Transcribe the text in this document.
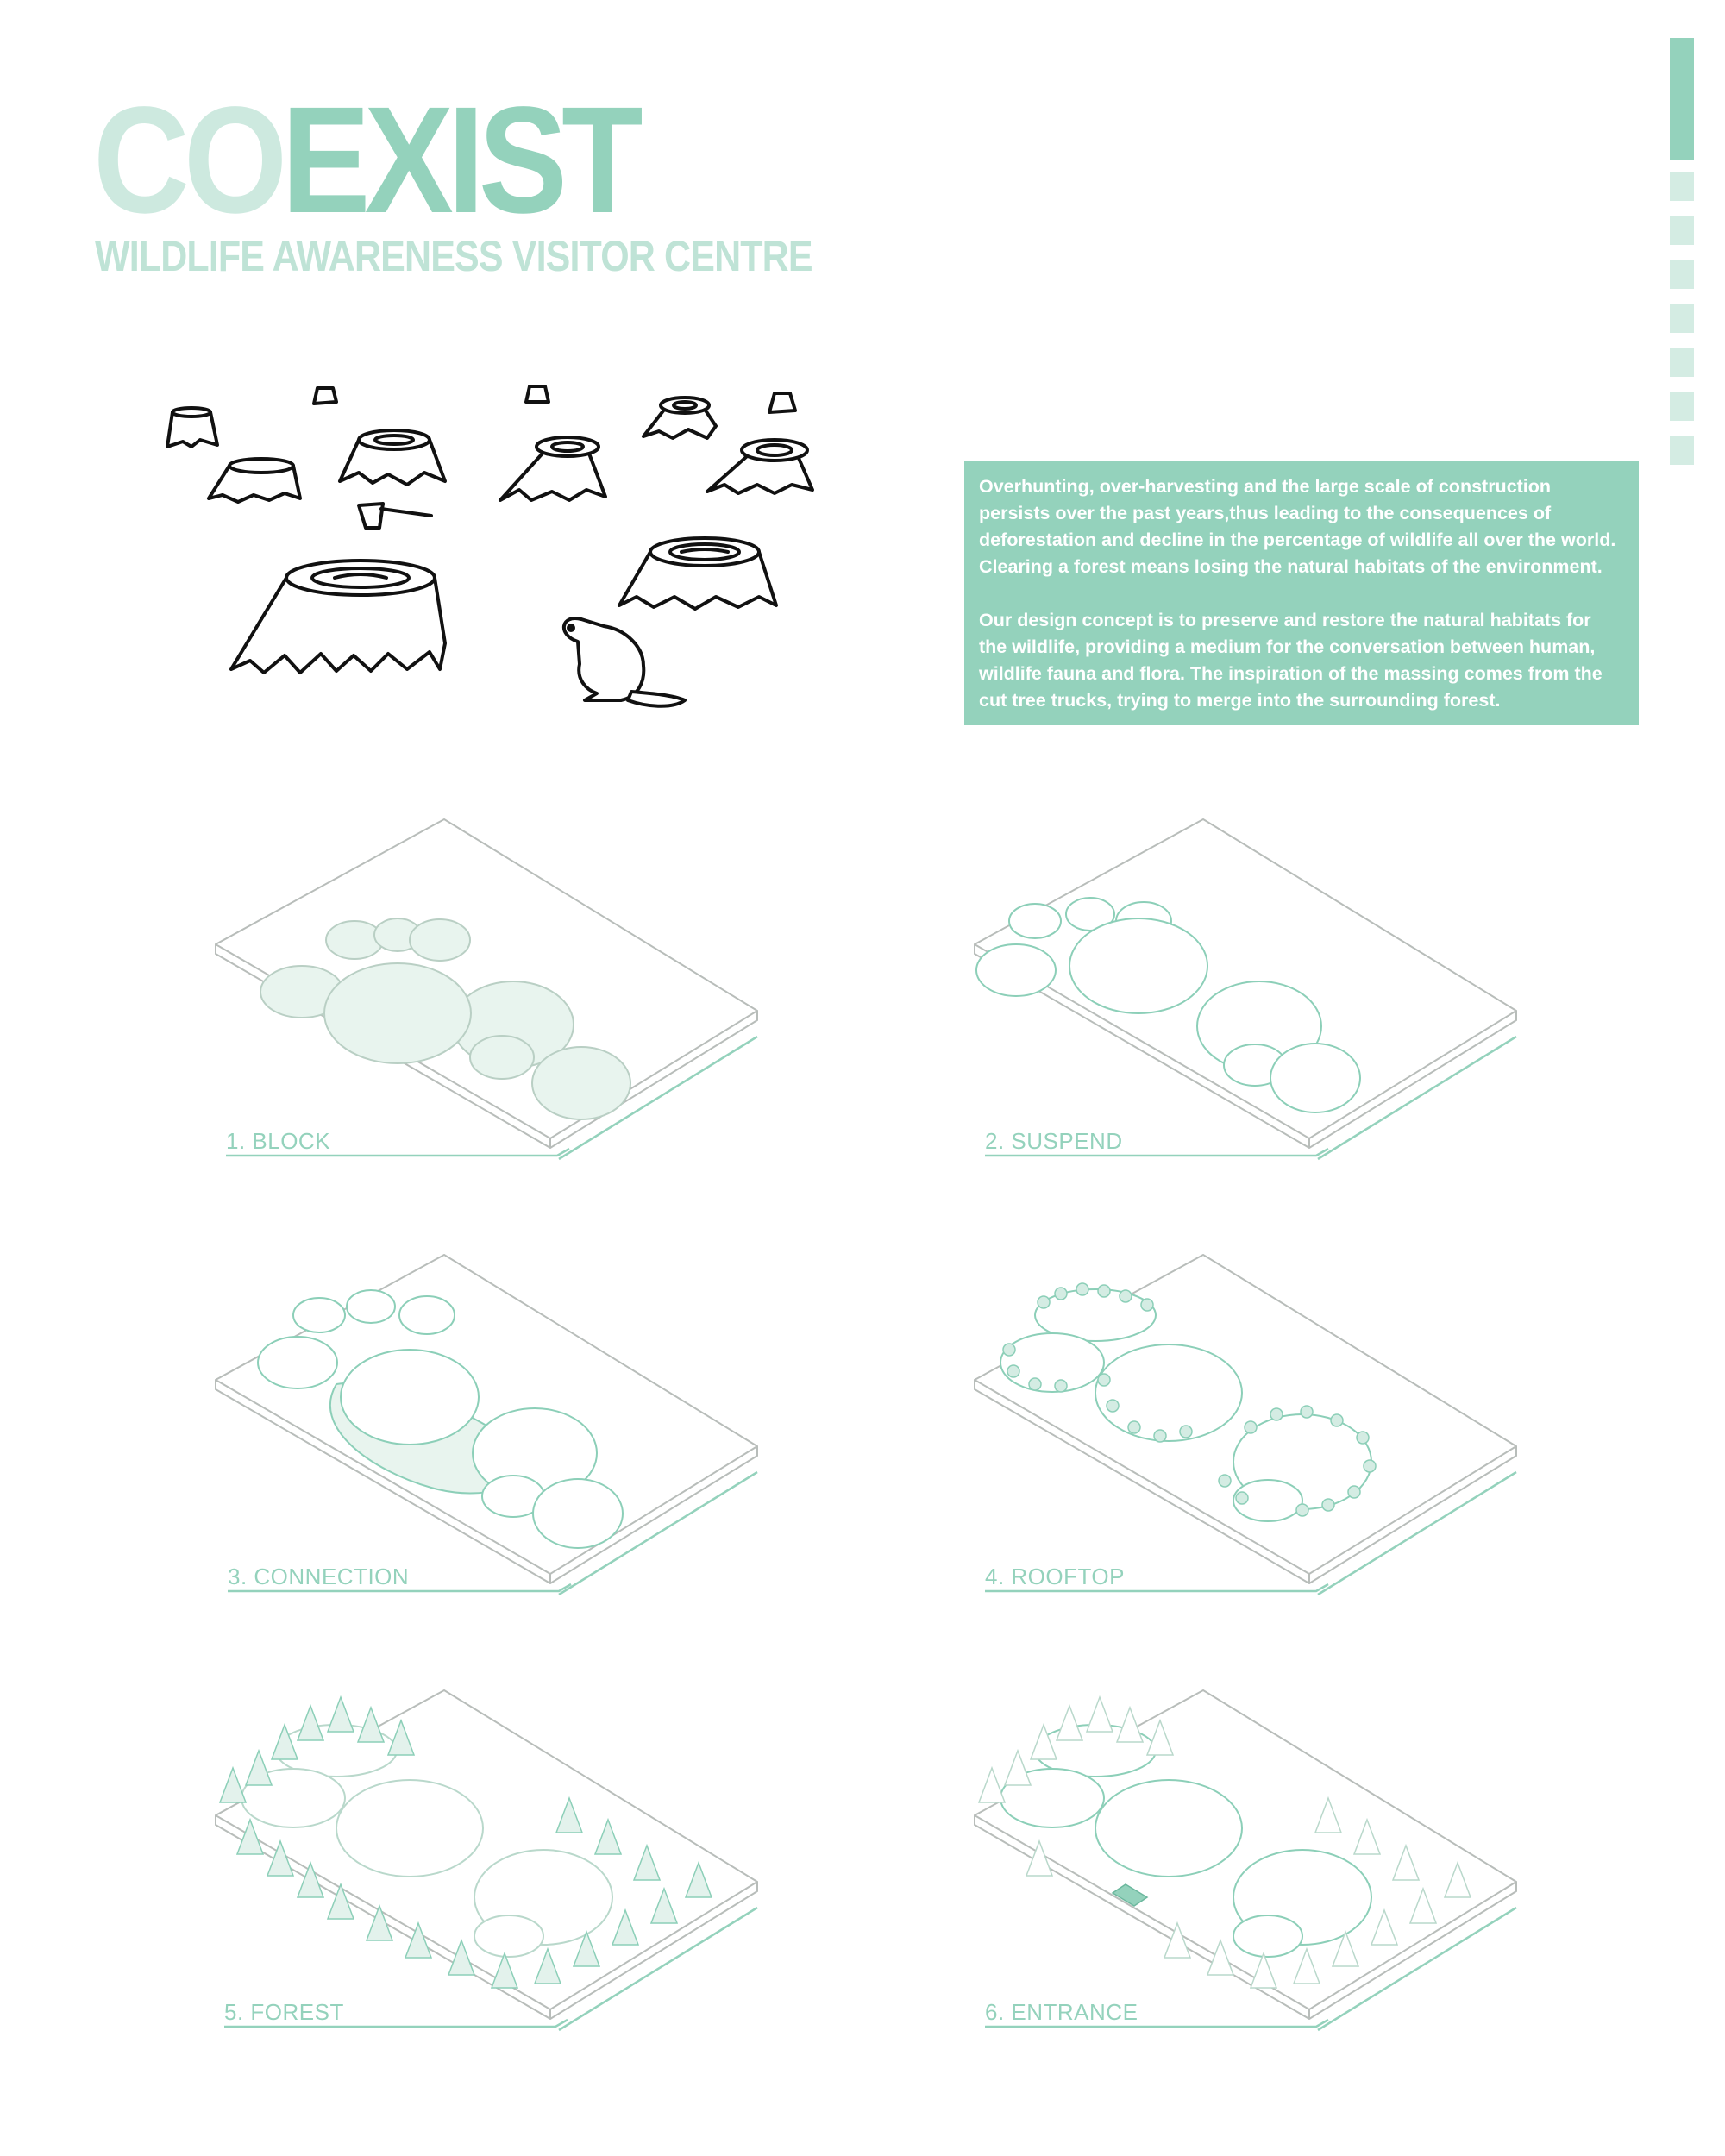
COEXIST
WILDLIFE AWARENESS VISITOR CENTRE

Overhunting, over-harvesting and the large scale of construction persists over the past years,thus leading to the consequences of deforestation and decline in the percentage of wildlife all over the world. Clearing a forest means losing the natural habitats of the environment.

Our design concept is to preserve and restore the natural habitats for the wildlife, providing a medium for the conversation between human, wildlife fauna and flora. The inspiration of the massing comes from the cut tree trucks, trying to merge into the surrounding forest.

1. BLOCK	2. SUSPEND
3. CONNECTION	4. ROOFTOP
5. FOREST	6. ENTRANCE
